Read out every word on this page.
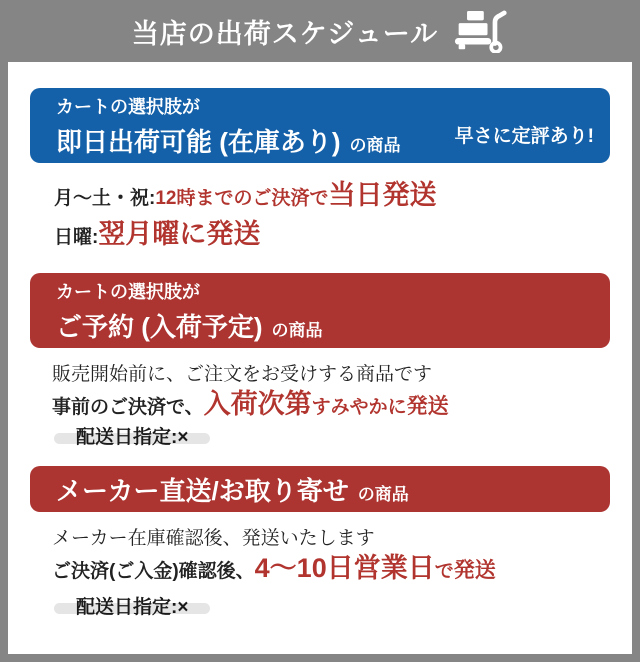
当店の出荷スケジュール
カートの選択肢が
即日出荷可能 (在庫あり) の商品	早さに定評あり!

月〜土・祝:12時までのご決済で当日発送

日曜:翌月曜に発送

カートの選択肢が
ご予約 (入荷予定) の商品

販売開始前に、ご注文をお受けする商品です

事前のご決済で、入荷次第すみやかに発送

配送日指定:×
メーカー直送/お取り寄せ の商品

メーカー在庫確認後、発送いたします

ご決済(ご入金)確認後、4〜10日営業日で発送

配送日指定:×
